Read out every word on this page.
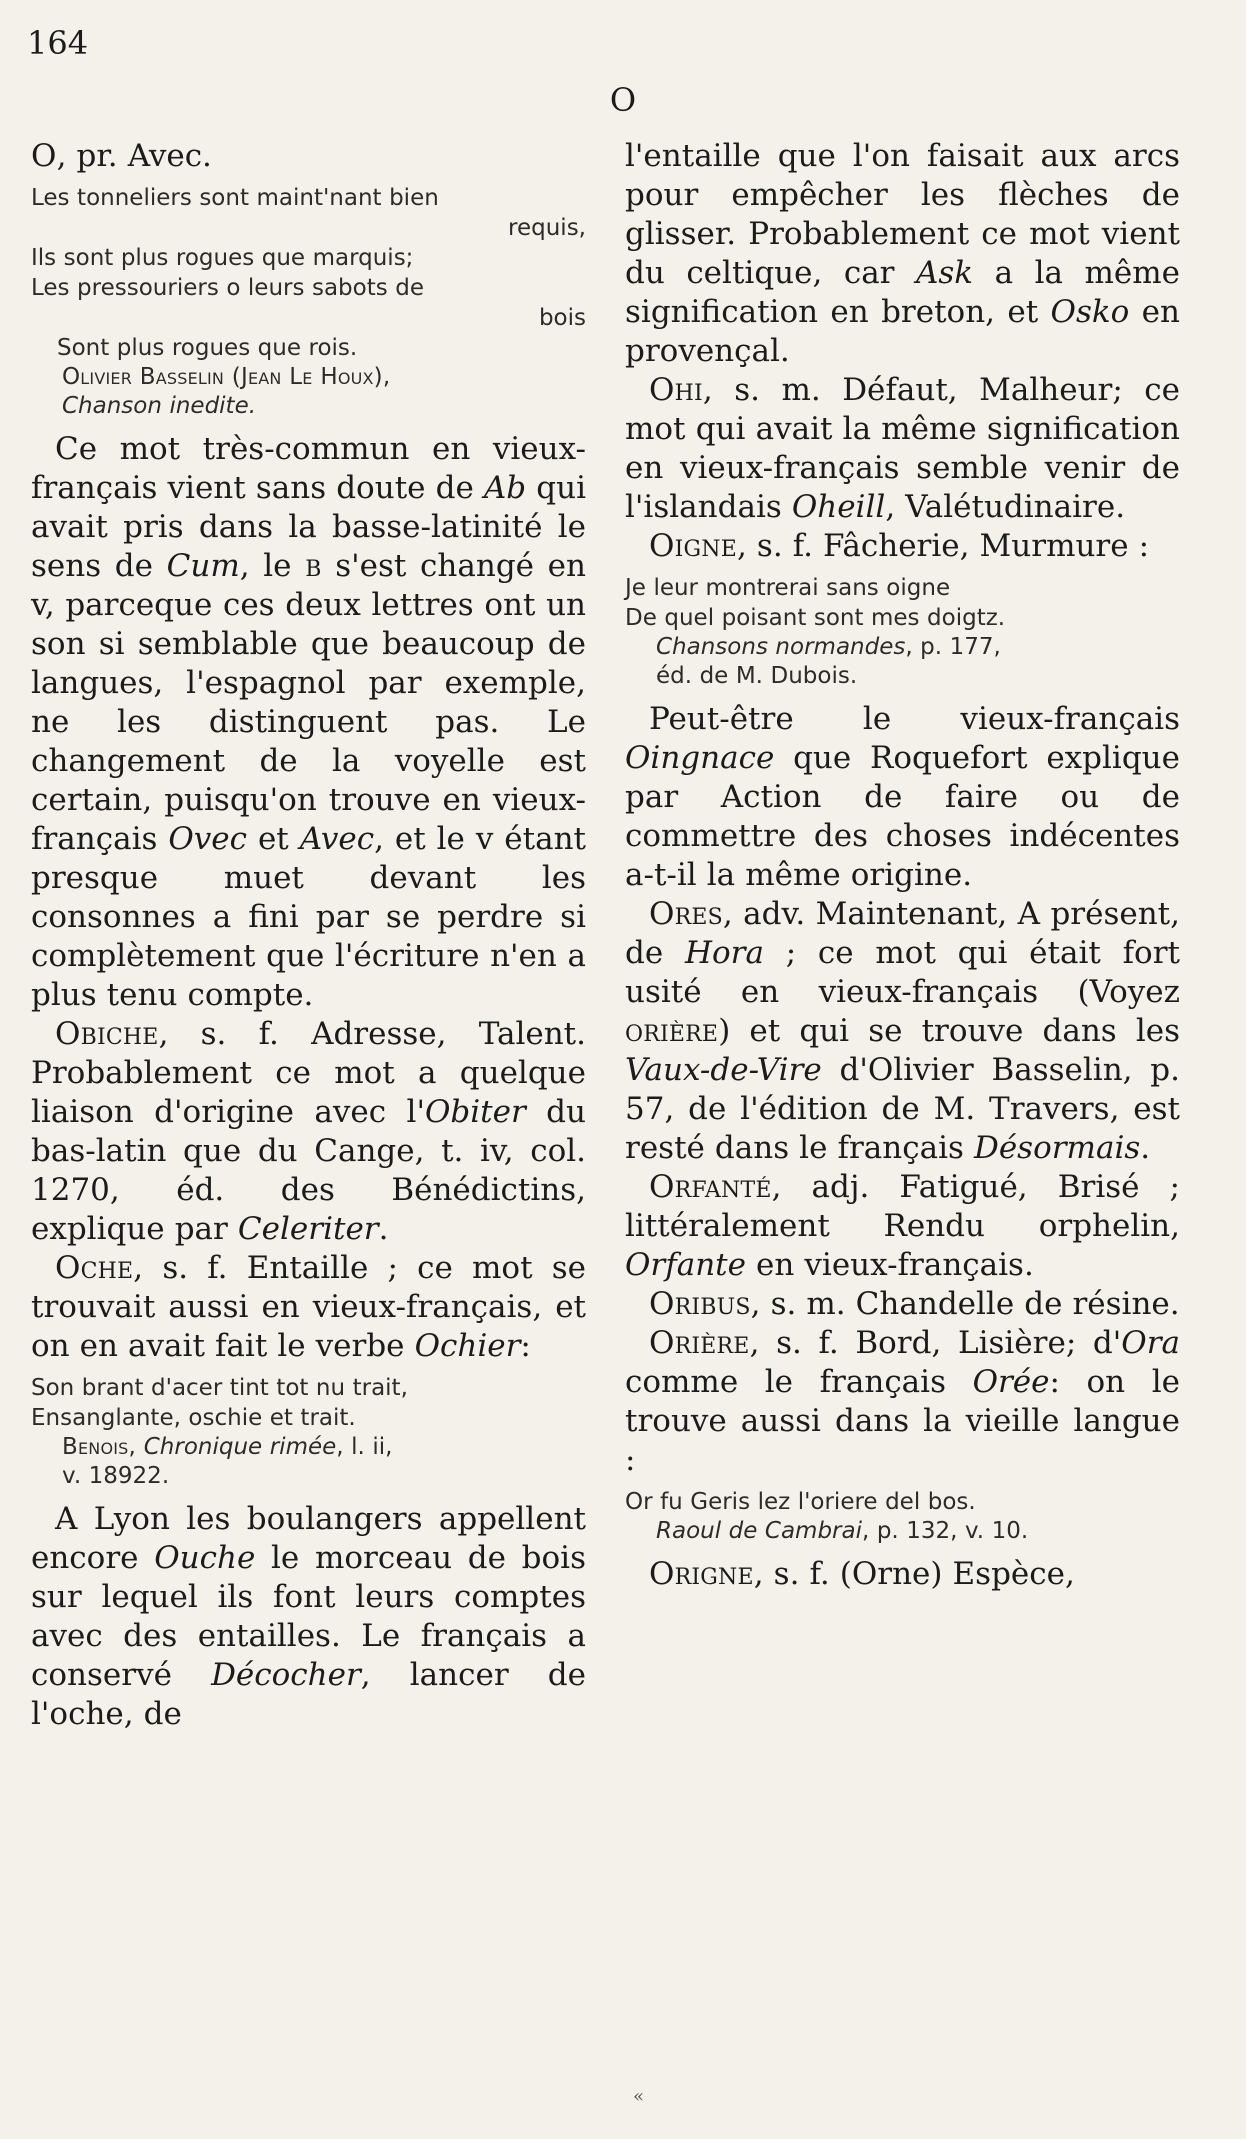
164
O

O, pr. Avec.

Les tonneliers sont maint'nant bien
requis,
Ils sont plus rogues que marquis;
Les pressouriers o leurs sabots de
bois
Sont plus rogues que rois.
Olivier Basselin (Jean Le Houx),
Chanson inedite.

Ce mot très-commun en vieux-français vient sans doute de Ab qui avait pris dans la basse-latinité le sens de Cum, le b s'est changé en v, parceque ces deux lettres ont un son si semblable que beaucoup de langues, l'espagnol par exemple, ne les distinguent pas. Le changement de la voyelle est certain, puisqu'on trouve en vieux-français Ovec et Avec, et le v étant presque muet devant les consonnes a fini par se perdre si complètement que l'écriture n'en a plus tenu compte.

Obiche, s. f. Adresse, Talent. Probablement ce mot a quelque liaison d'origine avec l'Obiter du bas-latin que du Cange, t. iv, col. 1270, éd. des Bénédictins, explique par Celeriter.

Oche, s. f. Entaille ; ce mot se trouvait aussi en vieux-français, et on en avait fait le verbe Ochier:

Son brant d'acer tint tot nu trait,
Ensanglante, oschie et trait.
Benois, Chronique rimée, l. ii,
v. 18922.

A Lyon les boulangers appellent encore Ouche le morceau de bois sur lequel ils font leurs comptes avec des entailles. Le français a conservé Décocher, lancer de l'oche, de

l'entaille que l'on faisait aux arcs pour empêcher les flèches de glisser. Probablement ce mot vient du celtique, car Ask a la même signification en breton, et Osko en provençal.

Ohi, s. m. Défaut, Malheur; ce mot qui avait la même signification en vieux-français semble venir de l'islandais Oheill, Valétudinaire.

Oigne, s. f. Fâcherie, Murmure :

Je leur montrerai sans oigne
De quel poisant sont mes doigtz.
Chansons normandes, p. 177,
éd. de M. Dubois.

Peut-être le vieux-français Oingnace que Roquefort explique par Action de faire ou de commettre des choses indécentes a-t-il la même origine.

Ores, adv. Maintenant, A présent, de Hora ; ce mot qui était fort usité en vieux-français (Voyez orière) et qui se trouve dans les Vaux-de-Vire d'Olivier Basselin, p. 57, de l'édition de M. Travers, est resté dans le français Désormais.

Orfanté, adj. Fatigué, Brisé ; littéralement Rendu orphelin, Orfante en vieux-français.

Oribus, s. m. Chandelle de résine.

Orière, s. f. Bord, Lisière; d'Ora comme le français Orée: on le trouve aussi dans la vieille langue :

Or fu Geris lez l'oriere del bos.
Raoul de Cambrai, p. 132, v. 10.

Origne, s. f. (Orne) Espèce,

«
